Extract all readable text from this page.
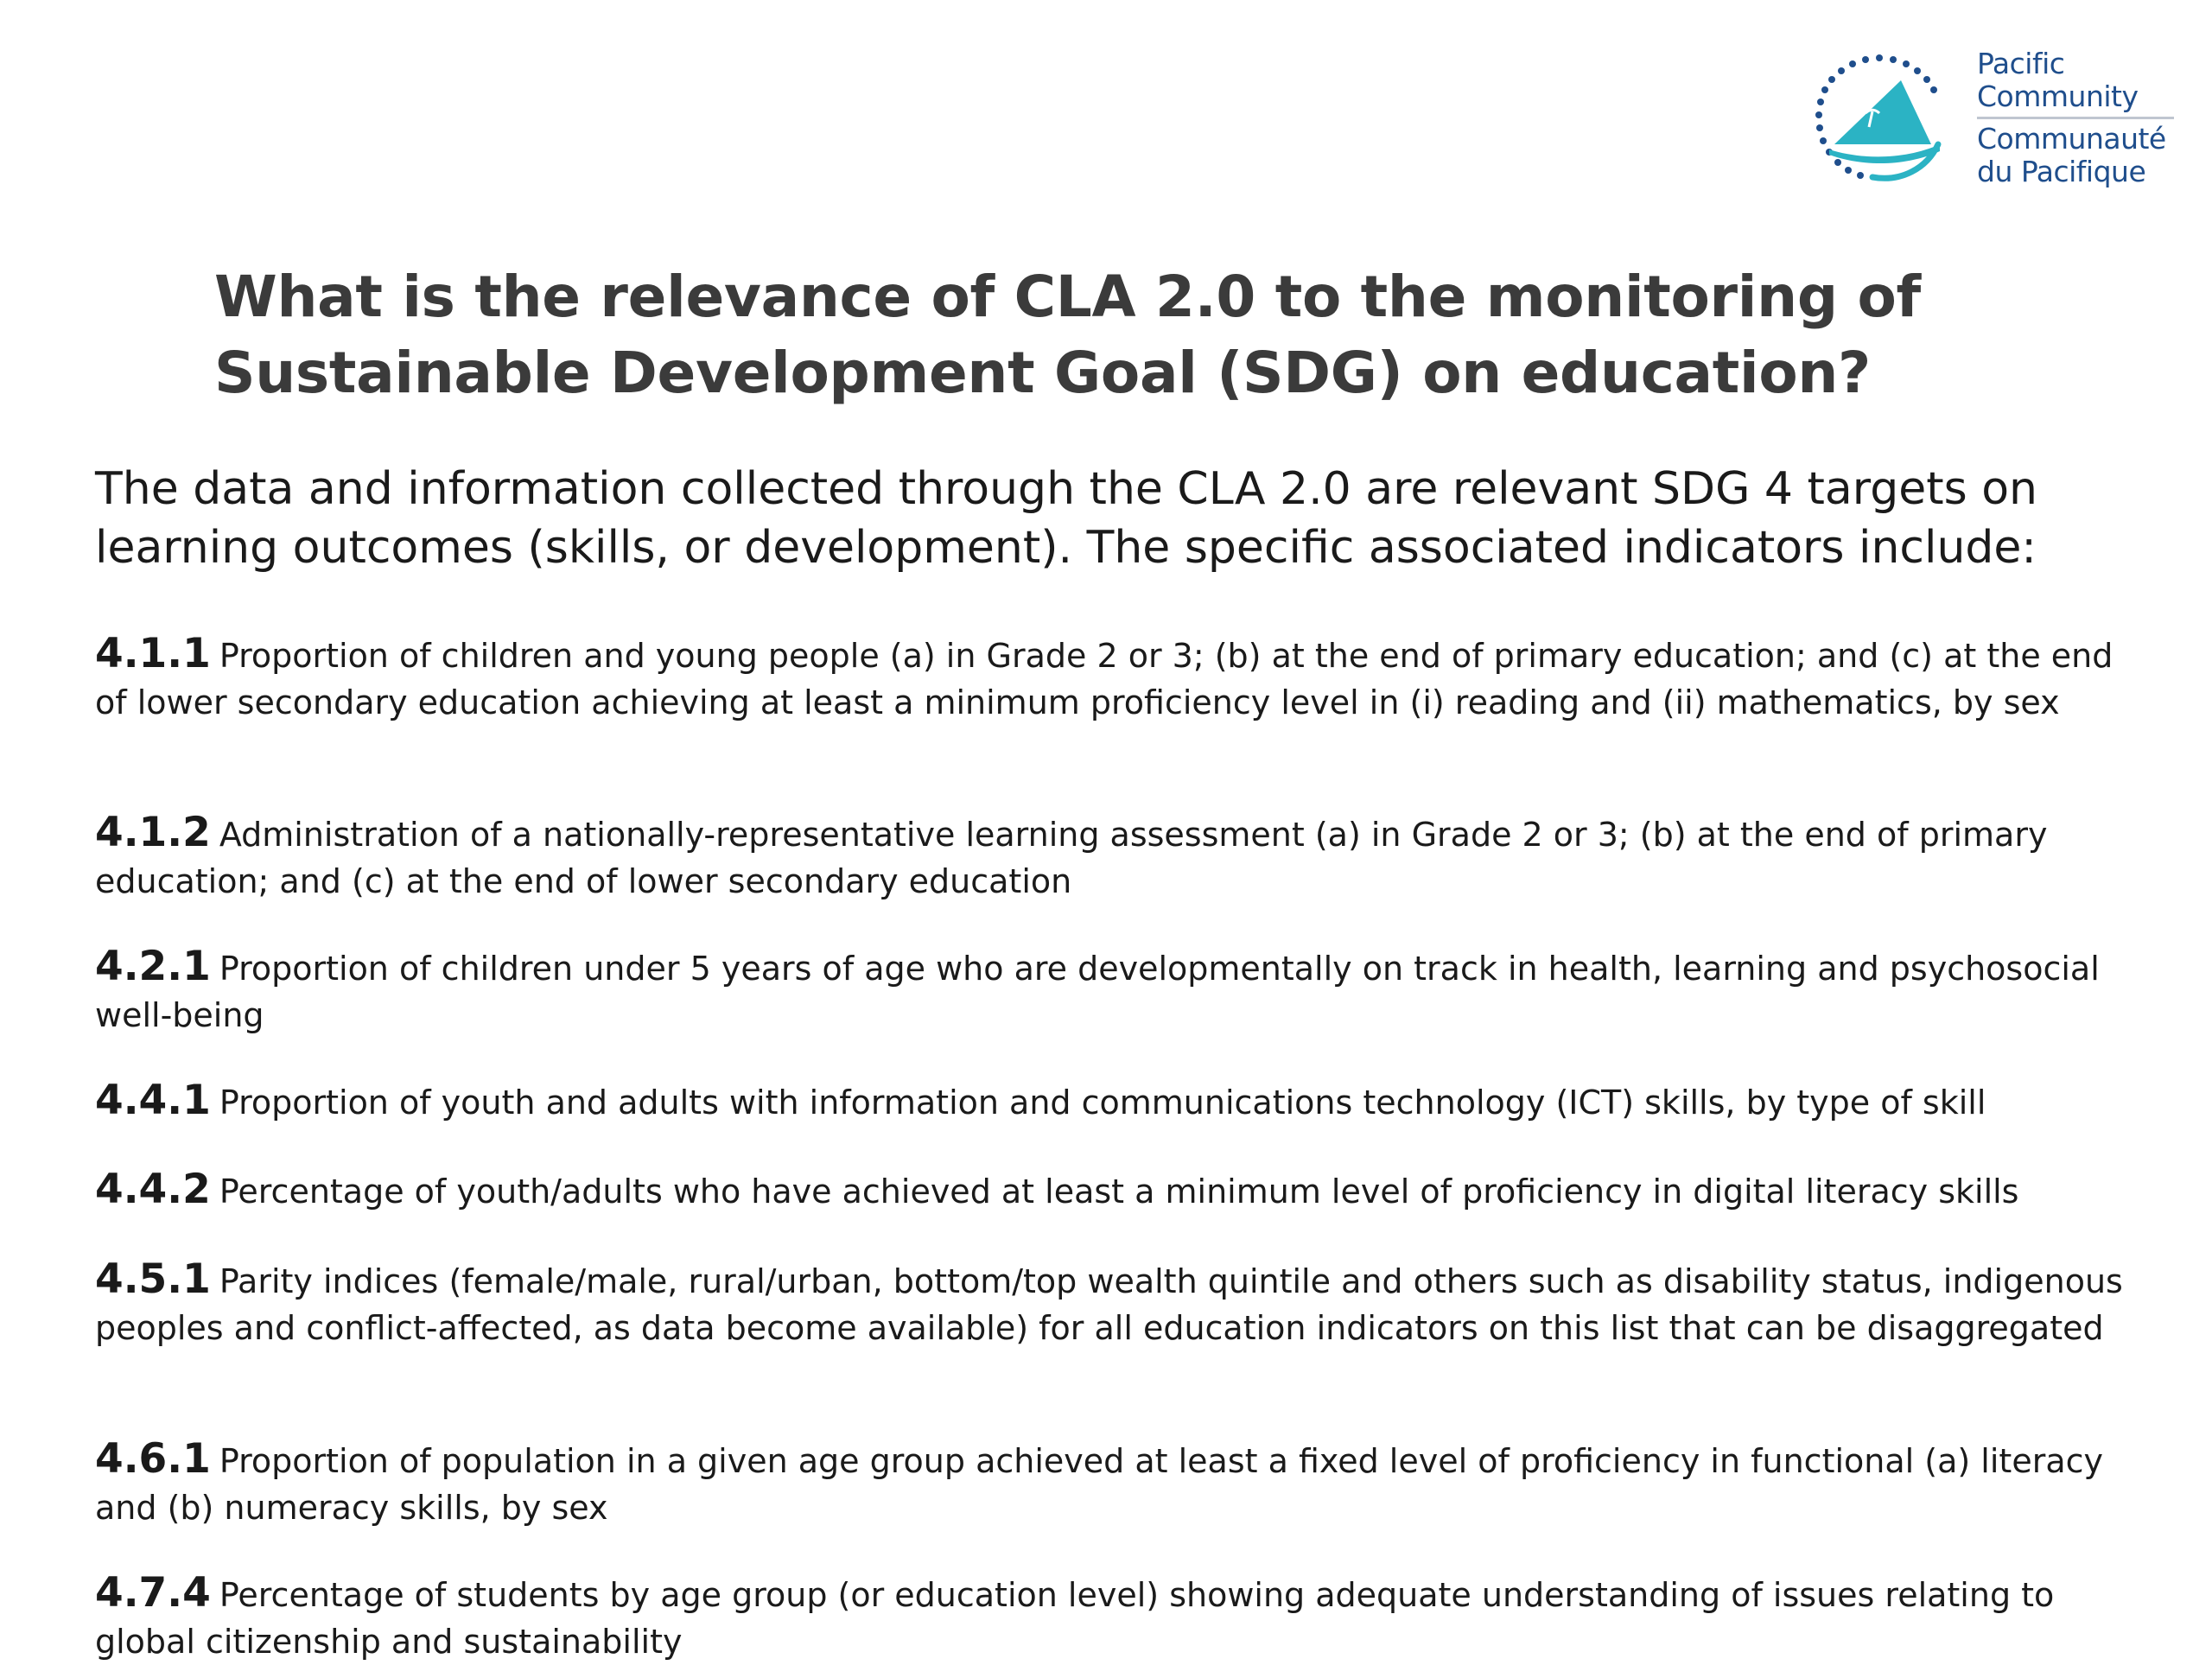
Pacific
Community
Communauté
du Pacifique
What is the relevance of CLA 2.0 to the monitoring of Sustainable Development Goal (SDG) on education?

The data and information collected through the CLA 2.0 are relevant SDG 4 targets on learning outcomes (skills, or development). The specific associated indicators include:

4.1.1 Proportion of children and young people (a) in Grade 2 or 3; (b) at the end of primary education; and (c) at the end of lower secondary education achieving at least a minimum proficiency level in (i) reading and (ii) mathematics, by sex

4.1.2 Administration of a nationally-representative learning assessment (a) in Grade 2 or 3; (b) at the end of primary education; and (c) at the end of lower secondary education

4.2.1 Proportion of children under 5 years of age who are developmentally on track in health, learning and psychosocial well-being

4.4.1 Proportion of youth and adults with information and communications technology (ICT) skills, by type of skill

4.4.2 Percentage of youth/adults who have achieved at least a minimum level of proficiency in digital literacy skills

4.5.1 Parity indices (female/male, rural/urban, bottom/top wealth quintile and others such as disability status, indigenous peoples and conflict-affected, as data become available) for all education indicators on this list that can be disaggregated

4.6.1 Proportion of population in a given age group achieved at least a fixed level of proficiency in functional (a) literacy and (b) numeracy skills, by sex

4.7.4 Percentage of students by age group (or education level) showing adequate understanding of issues relating to global citizenship and sustainability
